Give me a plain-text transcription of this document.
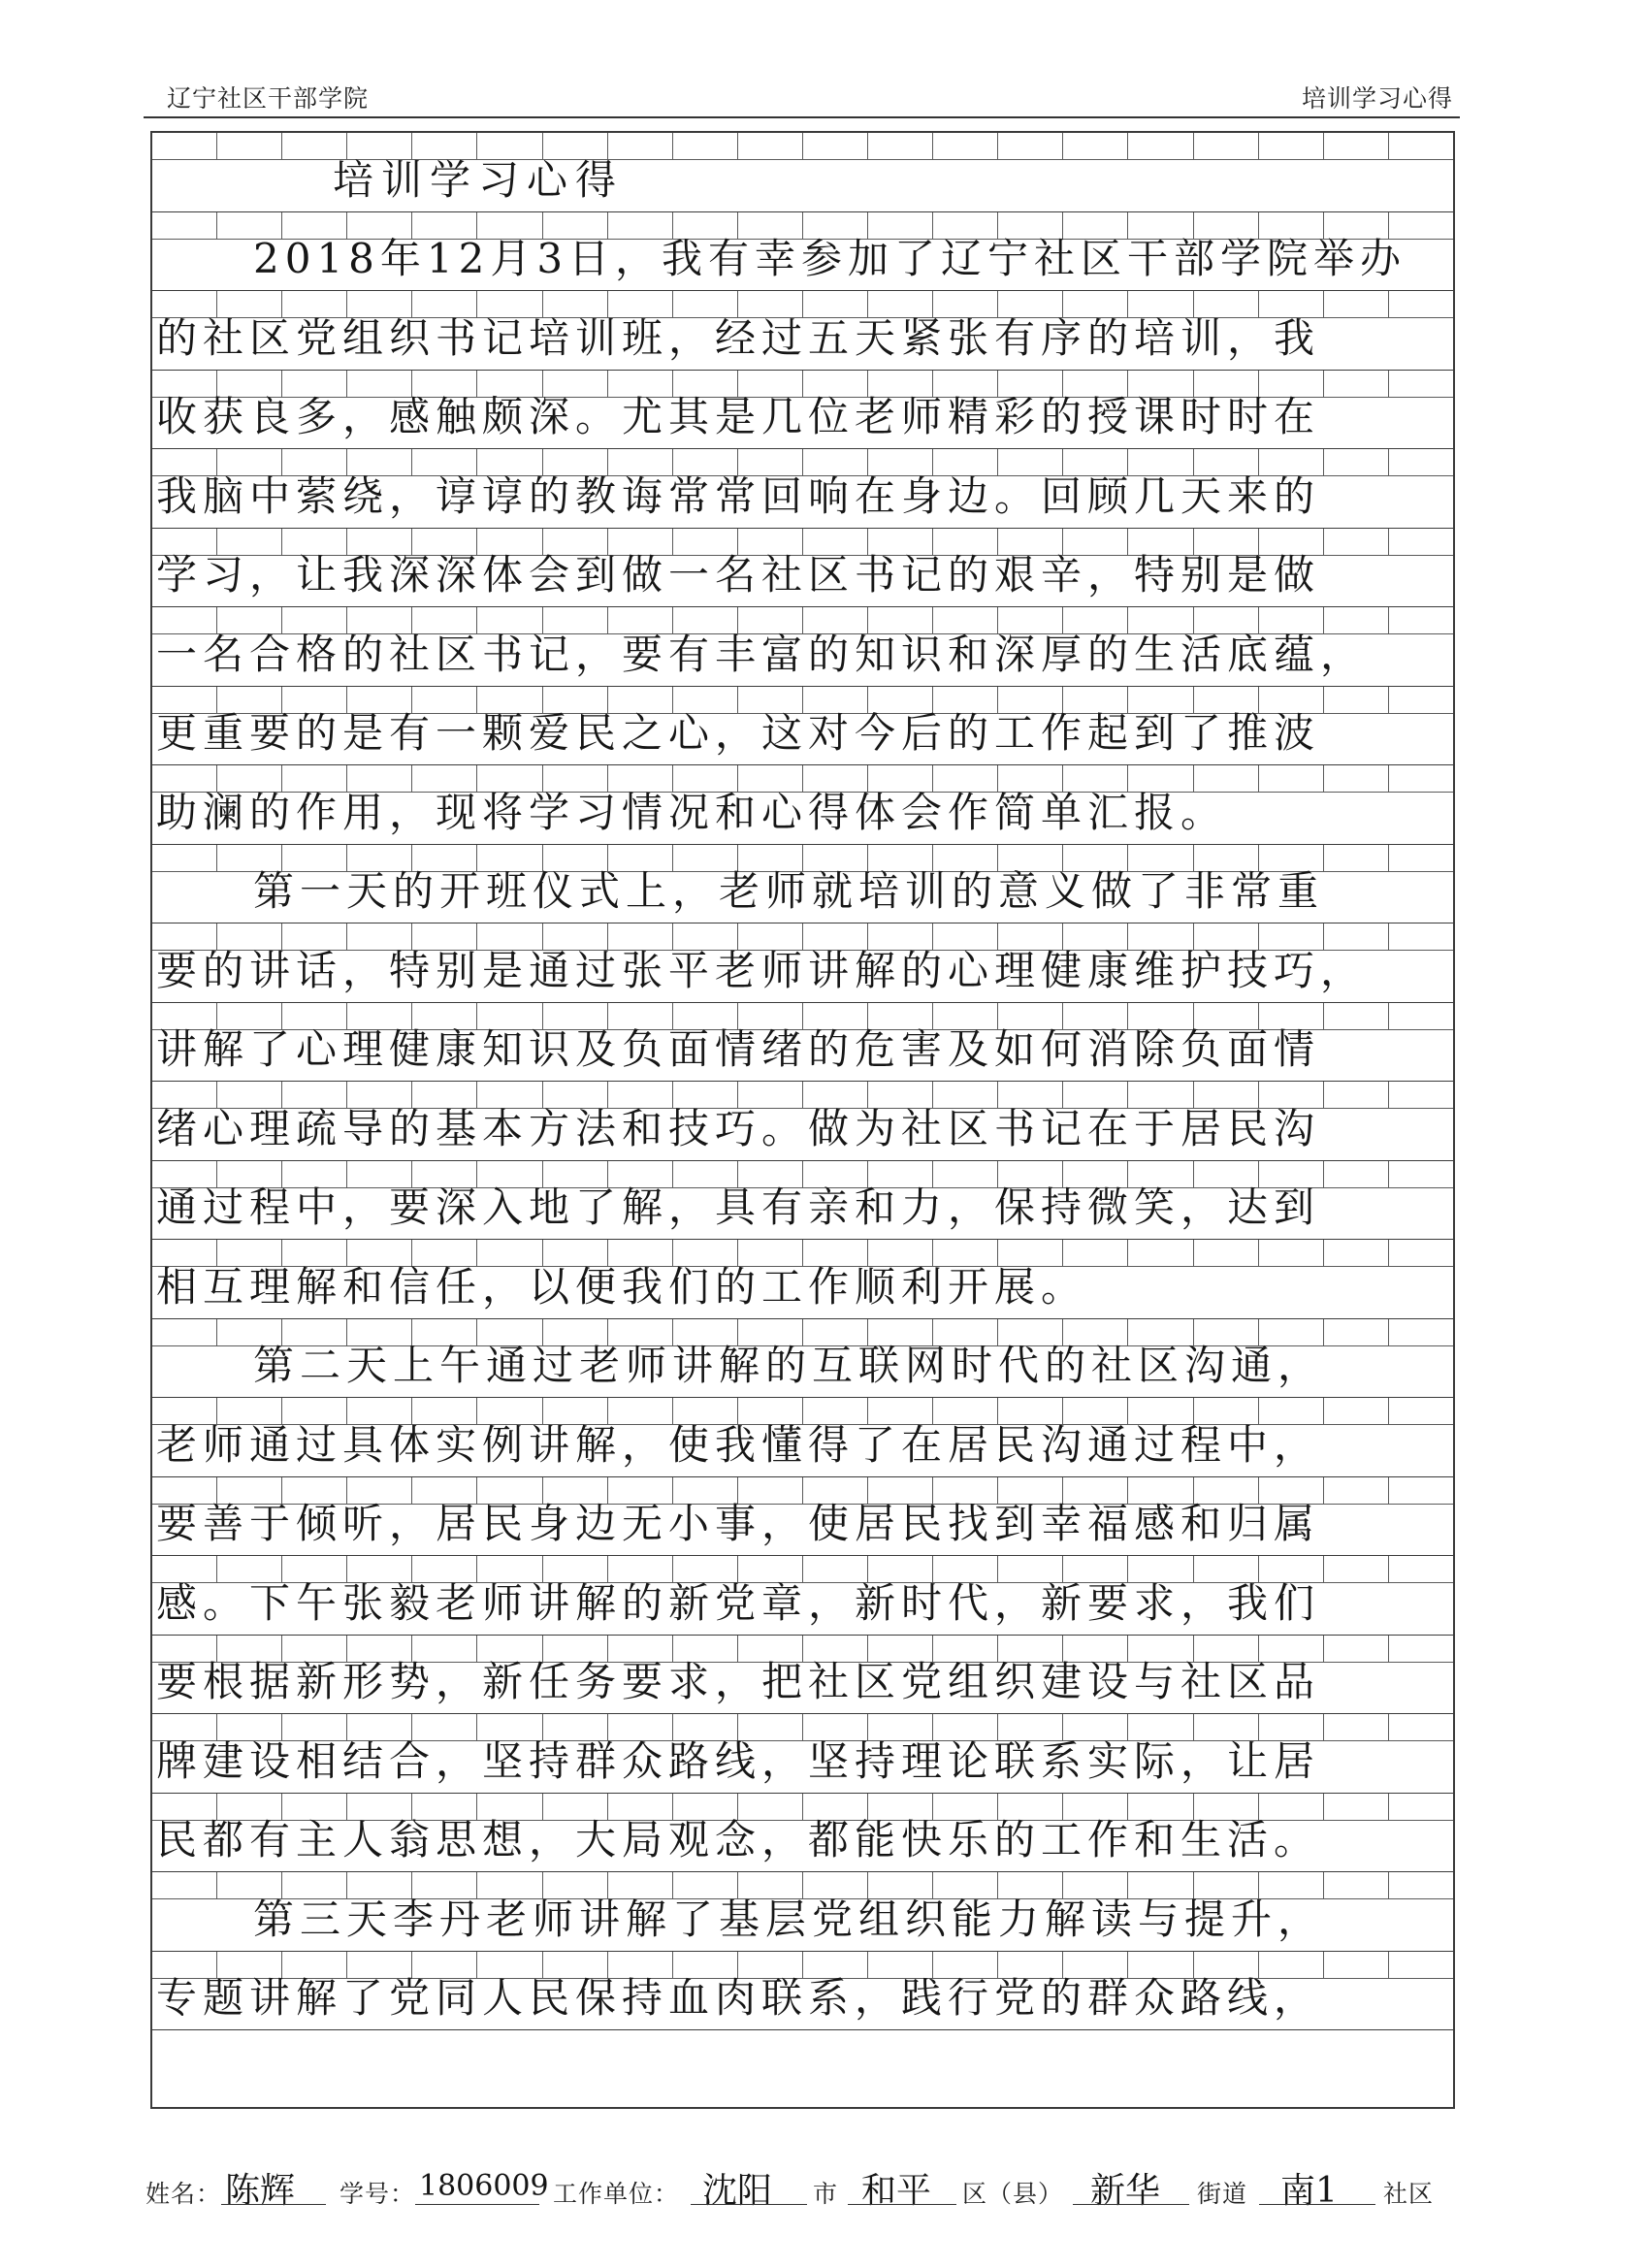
辽宁社区干部学院	培训学习心得
培训学习心得
2018年12月3日，我有幸参加了辽宁社区干部学院举办
的社区党组织书记培训班，经过五天紧张有序的培训，我
收获良多，感触颇深。尤其是几位老师精彩的授课时时在
我脑中萦绕，谆谆的教诲常常回响在身边。回顾几天来的
学习，让我深深体会到做一名社区书记的艰辛，特别是做
一名合格的社区书记，要有丰富的知识和深厚的生活底蕴，
更重要的是有一颗爱民之心，这对今后的工作起到了推波
助澜的作用，现将学习情况和心得体会作简单汇报。
第一天的开班仪式上，老师就培训的意义做了非常重
要的讲话，特别是通过张平老师讲解的心理健康维护技巧，
讲解了心理健康知识及负面情绪的危害及如何消除负面情
绪心理疏导的基本方法和技巧。做为社区书记在于居民沟
通过程中，要深入地了解，具有亲和力，保持微笑，达到
相互理解和信任，以便我们的工作顺利开展。
第二天上午通过老师讲解的互联网时代的社区沟通，
老师通过具体实例讲解，使我懂得了在居民沟通过程中，
要善于倾听，居民身边无小事，使居民找到幸福感和归属
感。下午张毅老师讲解的新党章，新时代，新要求，我们
要根据新形势，新任务要求，把社区党组织建设与社区品
牌建设相结合，坚持群众路线，坚持理论联系实际，让居
民都有主人翁思想，大局观念，都能快乐的工作和生活。
第三天李丹老师讲解了基层党组织能力解读与提升，
专题讲解了党同人民保持血肉联系，践行党的群众路线，
姓名： 陈辉 学号： 1806009 工作单位： 沈阳 市 和平 区（县） 新华 街道 南1 社区
